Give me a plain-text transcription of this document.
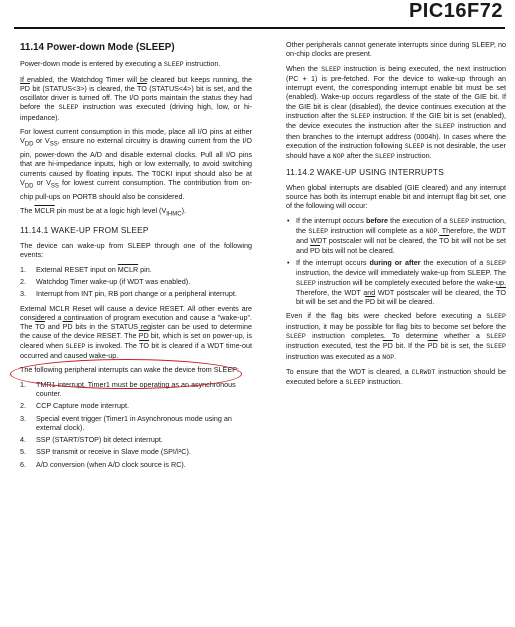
PIC16F72
11.14 Power-down Mode (SLEEP)

Power-down mode is entered by executing a SLEEP instruction.

If enabled, the Watchdog Timer will be cleared but keeps running, the $\overline{PD}$ bit (STATUS<3>) is cleared, the $\overline{TO}$ (STATUS<4>) bit is set, and the oscillator driver is turned off. The I/O ports maintain the status they had before the SLEEP instruction was executed (driving high, low, or hi-impedance).

For lowest current consumption in this mode, place all I/O pins at either $V_{DD}$ or $V_{SS}$, ensure no external circuitry is drawing current from the I/O pin, power-down the A/D and disable external clocks. Pull all I/O pins that are hi-impedance inputs, high or low externally, to avoid switching currents caused by floating inputs. The T0CKI input should also be at $V_{DD}$ or $V_{SS}$ for lowest current consumption. The contribution from on-chip pull-ups on PORTB should also be considered.

The MCLR pin must be at a logic high level $(V_{IHMC})$.

11.14.1 WAKE-UP FROM SLEEP

The device can wake-up from SLEEP through one of the following events:

1. External RESET input on MCLR pin.
2. Watchdog Timer wake-up (if WDT was enabled).
3. Interrupt from INT pin, RB port change or a peripheral interrupt.

External MCLR Reset will cause a device RESET. All other events are considered a continuation of program execution and cause a "wake-up". The $\overline{TO}$ and $\overline{PD}$ bits in the STATUS register can be used to determine the cause of the device RESET. The $\overline{PD}$ bit, which is set on power-up, is cleared when SLEEP is invoked. The $\overline{TO}$ bit is cleared if a WDT time-out occurred and caused wake-up.

The following peripheral interrupts can wake the device from SLEEP:

1. TMR1 interrupt. Timer1 must be operating as an asynchronous counter.
2. CCP Capture mode interrupt.
3. Special event trigger (Timer1 in Asynchronous mode using an external clock).
4. SSP (START/STOP) bit detect interrupt.
5. SSP transmit or receive in Slave mode (SPI/I²C).
6. A/D conversion (when A/D clock source is RC).

Other peripherals cannot generate interrupts since during SLEEP, no on-chip clocks are present.

When the SLEEP instruction is being executed, the next instruction (PC + 1) is pre-fetched. For the device to wake-up through an interrupt event, the corresponding interrupt enable bit must be set (enabled). Wake-up occurs regardless of the state of the GIE bit. If the GIE bit is clear (disabled), the device continues execution at the instruction after the SLEEP instruction. If the GIE bit is set (enabled), the device executes the instruction after the SLEEP instruction and then branches to the interrupt address (0004h). In cases where the execution of the instruction following SLEEP is not desirable, the user should have a NOP after the SLEEP instruction.

11.14.2 WAKE-UP USING INTERRUPTS

When global interrupts are disabled (GIE cleared) and any interrupt source has both its interrupt enable bit and interrupt flag bit set, one of the following will occur:

• If the interrupt occurs before the execution of a SLEEP instruction, the SLEEP instruction will complete as a NOP. Therefore, the WDT and WDT postscaler will not be cleared, the $\overline{TO}$ bit will not be set and $\overline{PD}$ bits will not be cleared.
• If the interrupt occurs during or after the execution of a SLEEP instruction, the device will immediately wake-up from SLEEP. The SLEEP instruction will be completely executed before the wake-up. Therefore, the WDT and WDT postscaler will be cleared, the $\overline{TO}$ bit will be set and the $\overline{PD}$ bit will be cleared.

Even if the flag bits were checked before executing a SLEEP instruction, it may be possible for flag bits to become set before the SLEEP instruction completes. To determine whether a SLEEP instruction executed, test the $\overline{PD}$ bit. If the $\overline{PD}$ bit is set, the SLEEP instruction was executed as a NOP.

To ensure that the WDT is cleared, a CLRWDT instruction should be executed before a SLEEP instruction.
